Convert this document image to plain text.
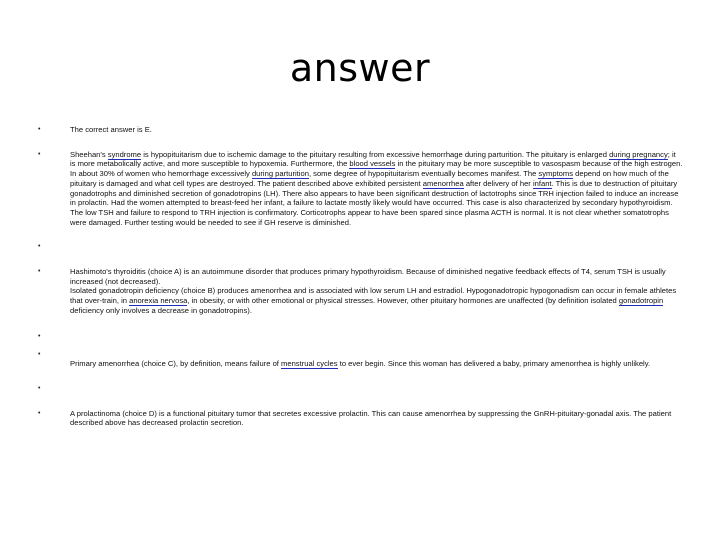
answer
•	The correct answer is E.
•	Sheehan's syndrome is hypopituitarism due to ischemic damage to the pituitary resulting from excessive hemorrhage during parturition. The pituitary is enlarged during pregnancy; it is more metabolically active, and more susceptible to hypoxemia. Furthermore, the blood vessels in the pituitary may be more susceptible to vasospasm because of the high estrogen. In about 30% of women who hemorrhage excessively during parturition, some degree of hypopituitarism eventually becomes manifest. The symptoms depend on how much of the pituitary is damaged and what cell types are destroyed. The patient described above exhibited persistent amenorrhea after delivery of her infant. This is due to destruction of pituitary gonadotrophs and diminished secretion of gonadotropins (LH). There also appears to have been significant destruction of lactotrophs since TRH injection failed to induce an increase in prolactin. Had the women attempted to breast-feed her infant, a failure to lactate mostly likely would have occurred. This case is also characterized by secondary hypothyroidism. The low TSH and failure to respond to TRH injection is confirmatory. Corticotrophs appear to have been spared since plasma ACTH is normal. It is not clear whether somatotrophs were damaged. Further testing would be needed to see if GH reserve is diminished.
•
•	Hashimoto's thyroiditis (choice A) is an autoimmune disorder that produces primary hypothyroidism. Because of diminished negative feedback effects of T4, serum TSH is usually increased (not decreased).
Isolated gonadotropin deficiency (choice B) produces amenorrhea and is associated with low serum LH and estradiol. Hypogonadotropic hypogonadism can occur in female athletes that over-train, in anorexia nervosa, in obesity, or with other emotional or physical stresses. However, other pituitary hormones are unaffected (by definition isolated gonadotropin deficiency only involves a decrease in gonadotropins).
•
•
Primary amenorrhea (choice C), by definition, means failure of menstrual cycles to ever begin. Since this woman has delivered a baby, primary amenorrhea is highly unlikely.
•
•	A prolactinoma (choice D) is a functional pituitary tumor that secretes excessive prolactin. This can cause amenorrhea by suppressing the GnRH-pituitary-gonadal axis. The patient described above has decreased prolactin secretion.
